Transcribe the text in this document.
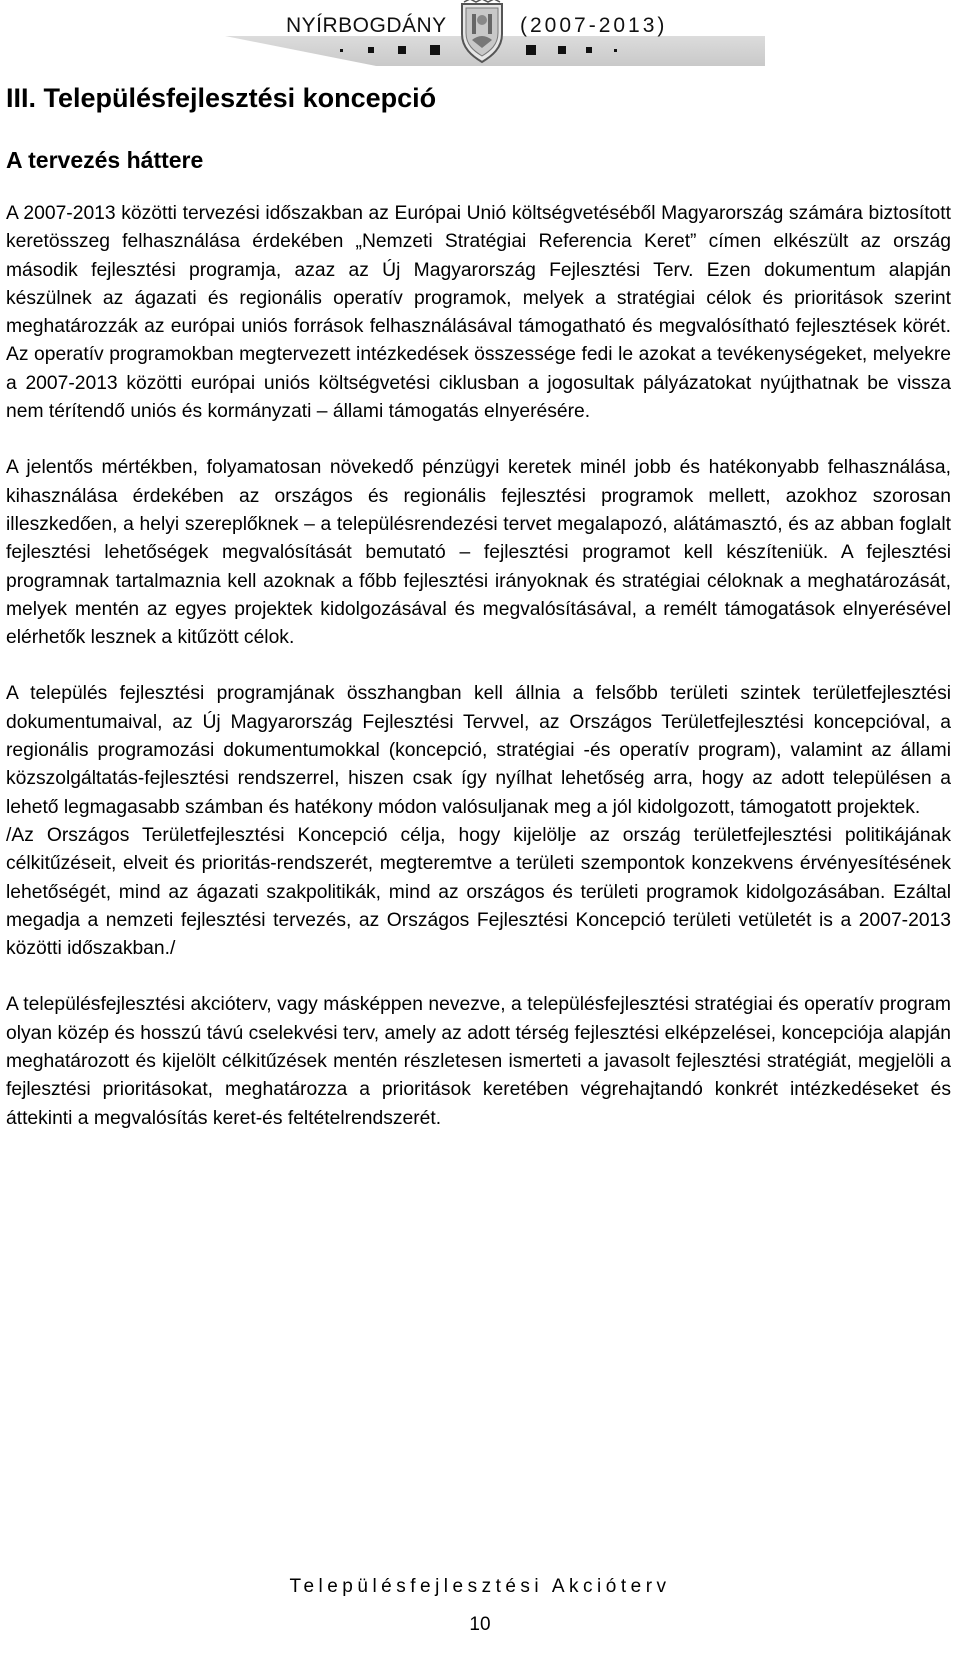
NYÍRBOGDÁNY	(2007-2013)
III. Településfejlesztési koncepció
A tervezés háttere

A 2007-2013 közötti tervezési időszakban az Európai Unió költségvetéséből Magyarország számára biztosított keretösszeg felhasználása érdekében „Nemzeti Stratégiai Referencia Keret” címen elkészült az ország második fejlesztési programja, azaz az Új Magyarország Fejlesztési Terv. Ezen dokumentum alapján készülnek az ágazati és regionális operatív programok, melyek a stratégiai célok és prioritások szerint meghatározzák az európai uniós források felhasználásával támogatható és megvalósítható fejlesztések körét. Az operatív programokban megtervezett intézkedések összessége fedi le azokat a tevékenységeket, melyekre a 2007-2013 közötti európai uniós költségvetési ciklusban a jogosultak pályázatokat nyújthatnak be vissza nem térítendő uniós és kormányzati – állami támogatás elnyerésére.

A jelentős mértékben, folyamatosan növekedő pénzügyi keretek minél jobb és hatékonyabb felhasználása, kihasználása érdekében az országos és regionális fejlesztési programok mellett, azokhoz szorosan illeszkedően, a helyi szereplőknek – a településrendezési tervet megalapozó, alátámasztó, és az abban foglalt fejlesztési lehetőségek megvalósítását bemutató – fejlesztési programot kell készíteniük. A fejlesztési programnak tartalmaznia kell azoknak a főbb fejlesztési irányoknak és stratégiai céloknak a meghatározását, melyek mentén az egyes projektek kidolgozásával és megvalósításával, a remélt támogatások elnyerésével elérhetők lesznek a kitűzött célok.

A település fejlesztési programjának összhangban kell állnia a felsőbb területi szintek területfejlesztési dokumentumaival, az Új Magyarország Fejlesztési Tervvel, az Országos Területfejlesztési koncepcióval, a regionális programozási dokumentumokkal (koncepció, stratégiai -és operatív program), valamint az állami közszolgáltatás-fejlesztési rendszerrel, hiszen csak így nyílhat lehetőség arra, hogy az adott településen a lehető legmagasabb számban és hatékony módon valósuljanak meg a jól kidolgozott, támogatott projektek.

/Az Országos Területfejlesztési Koncepció célja, hogy kijelölje az ország területfejlesztési politikájának célkitűzéseit, elveit és prioritás-rendszerét, megteremtve a területi szempontok konzekvens érvényesítésének lehetőségét, mind az ágazati szakpolitikák, mind az országos és területi programok kidolgozásában. Ezáltal megadja a nemzeti fejlesztési tervezés, az Országos Fejlesztési Koncepció területi vetületét is a 2007-2013 közötti időszakban./

A településfejlesztési akcióterv, vagy másképpen nevezve, a településfejlesztési stratégiai és operatív program olyan közép és hosszú távú cselekvési terv, amely az adott térség fejlesztési elképzelései, koncepciója alapján meghatározott és kijelölt célkitűzések mentén részletesen ismerteti a javasolt fejlesztési stratégiát, megjelöli a fejlesztési prioritásokat, meghatározza a prioritások keretében végrehajtandó konkrét intézkedéseket és áttekinti a megvalósítás keret-és feltételrendszerét.

Településfejlesztési Akcióterv
10
